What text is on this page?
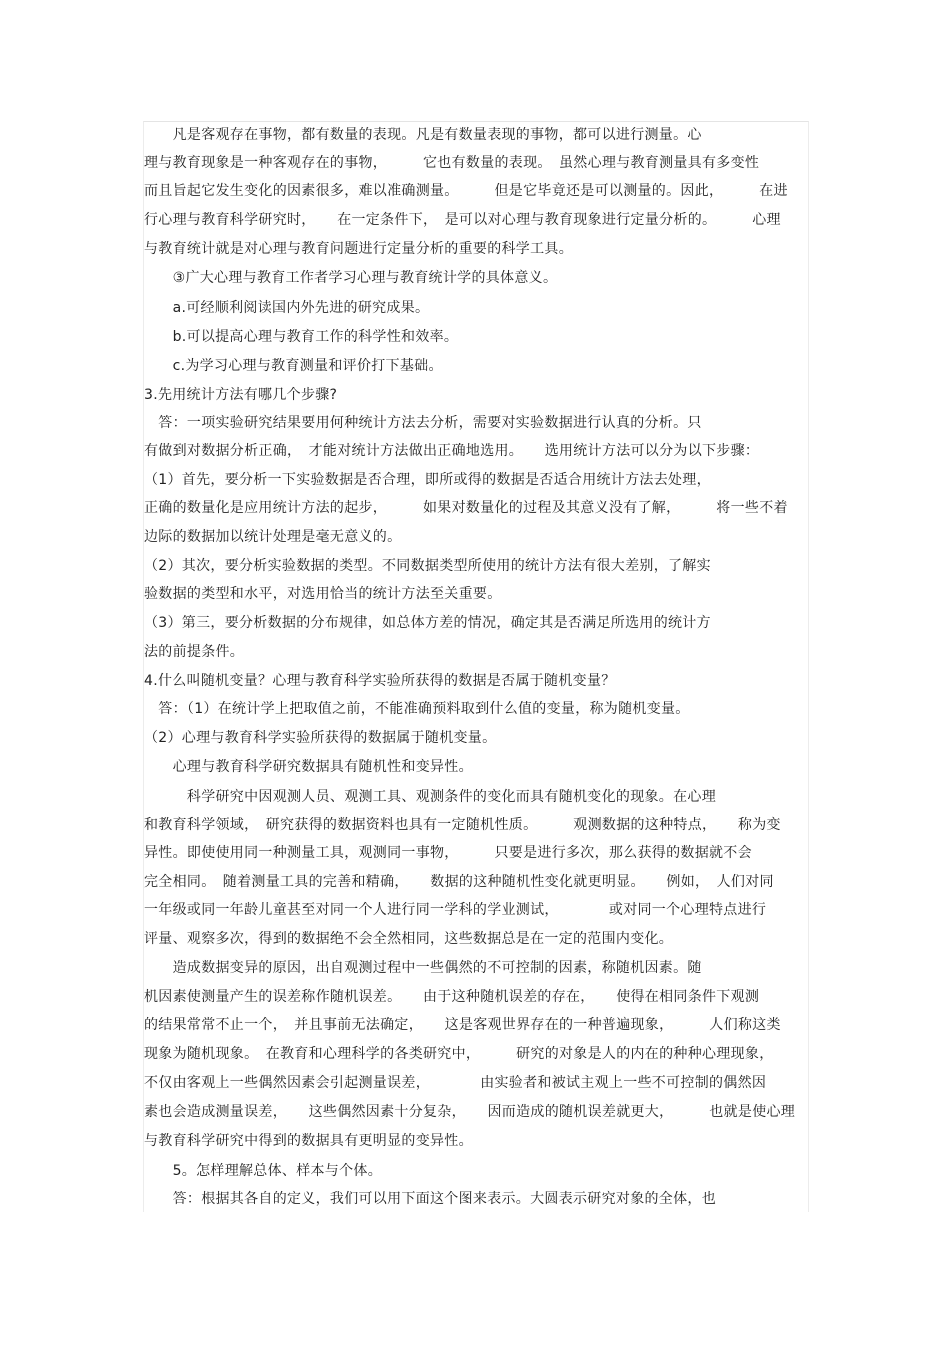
　　凡是客观存在事物，都有数量的表现。凡是有数量表现的事物，都可以进行测量。心
理与教育现象是一种客观存在的事物，　　　它也有数量的表现。　虽然心理与教育测量具有多变性
而且旨起它发生变化的因素很多，难以准确测量。　　　但是它毕竟还是可以测量的。因此，　　　在进
行心理与教育科学研究时，　　在一定条件下，　是可以对心理与教育现象进行定量分析的。　　　心理
与教育统计就是对心理与教育问题进行定量分析的重要的科学工具。
　　③广大心理与教育工作者学习心理与教育统计学的具体意义。
　　a.可经顺利阅读国内外先进的研究成果。
　　b.可以提高心理与教育工作的科学性和效率。
　　c.为学习心理与教育测量和评价打下基础。
3.先用统计方法有哪几个步骤?
　答：一项实验研究结果要用何种统计方法去分析，需要对实验数据进行认真的分析。只
有做到对数据分析正确，　才能对统计方法做出正确地选用。　　选用统计方法可以分为以下步骤：
（1）首先，要分析一下实验数据是否合理，即所或得的数据是否适合用统计方法去处理，
正确的数量化是应用统计方法的起步，　　　如果对数量化的过程及其意义没有了解，　　　将一些不着
边际的数据加以统计处理是毫无意义的。
（2）其次，要分析实验数据的类型。不同数据类型所使用的统计方法有很大差别，了解实
验数据的类型和水平，对选用恰当的统计方法至关重要。
（3）第三，要分析数据的分布规律，如总体方差的情况，确定其是否满足所选用的统计方
法的前提条件。
4.什么叫随机变量？心理与教育科学实验所获得的数据是否属于随机变量？
　答：（1）在统计学上把取值之前，不能准确预料取到什么值的变量，称为随机变量。
（2）心理与教育科学实验所获得的数据属于随机变量。
　　心理与教育科学研究数据具有随机性和变异性。
　　　科学研究中因观测人员、观测工具、观测条件的变化而具有随机变化的现象。在心理
和教育科学领域，　研究获得的数据资料也具有一定随机性质。　　　观测数据的这种特点，　　称为变
异性。即使使用同一种测量工具，观测同一事物，　　　只要是进行多次，那么获得的数据就不会
完全相同。　随着测量工具的完善和精确，　　数据的这种随机性变化就更明显。　　例如，　人们对同
一年级或同一年龄儿童甚至对同一个人进行同一学科的学业测试，　　　　或对同一个心理特点进行
评量、观察多次，得到的数据绝不会全然相同，这些数据总是在一定的范围内变化。
　　造成数据变异的原因，出自观测过程中一些偶然的不可控制的因素，称随机因素。随
机因素使测量产生的误差称作随机误差。　　由于这种随机误差的存在，　　使得在相同条件下观测
的结果常常不止一个，　并且事前无法确定，　　这是客观世界存在的一种普遍现象，　　　人们称这类
现象为随机现象。　在教育和心理科学的各类研究中，　　　研究的对象是人的内在的种种心理现象，
不仅由客观上一些偶然因素会引起测量误差，　　　　由实验者和被试主观上一些不可控制的偶然因
素也会造成测量误差，　　这些偶然因素十分复杂，　　因而造成的随机误差就更大，　　　也就是使心理
与教育科学研究中得到的数据具有更明显的变异性。
　　5。怎样理解总体、样本与个体。
　　答：根据其各自的定义，我们可以用下面这个图来表示。大圆表示研究对象的全体，也
